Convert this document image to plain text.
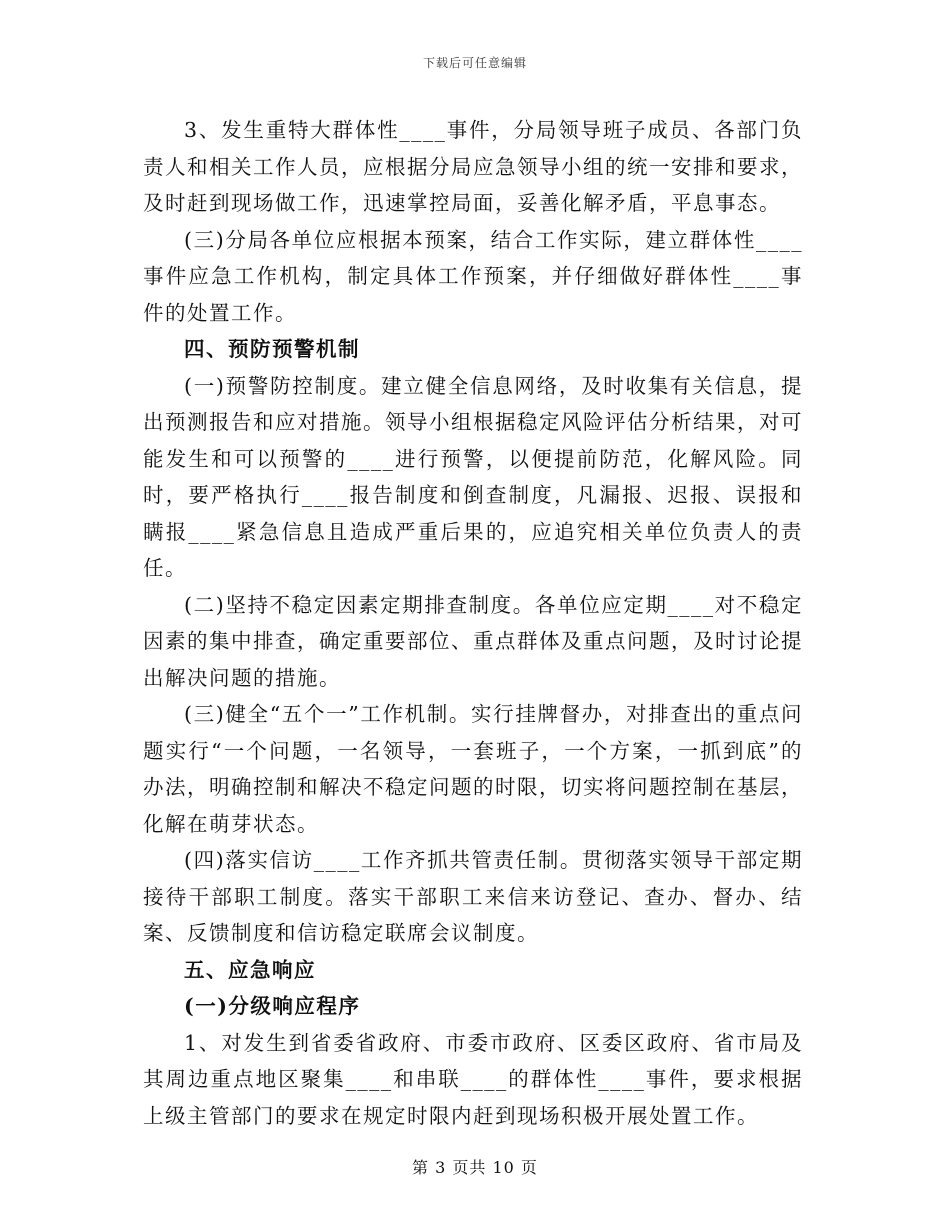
下载后可任意编辑

3、发生重特大群体性____事件，分局领导班子成员、各部门负责人和相关工作人员，应根据分局应急领导小组的统一安排和要求，及时赶到现场做工作，迅速掌控局面，妥善化解矛盾，平息事态。

(三)分局各单位应根据本预案，结合工作实际，建立群体性____事件应急工作机构，制定具体工作预案，并仔细做好群体性____事件的处置工作。

四、预防预警机制

(一)预警防控制度。建立健全信息网络，及时收集有关信息，提出预测报告和应对措施。领导小组根据稳定风险评估分析结果，对可能发生和可以预警的____进行预警，以便提前防范，化解风险。同时，要严格执行____报告制度和倒查制度，凡漏报、迟报、误报和瞒报____紧急信息且造成严重后果的，应追究相关单位负责人的责任。

(二)坚持不稳定因素定期排查制度。各单位应定期____对不稳定因素的集中排查，确定重要部位、重点群体及重点问题，及时讨论提出解决问题的措施。

(三)健全“五个一”工作机制。实行挂牌督办，对排查出的重点问题实行“一个问题，一名领导，一套班子，一个方案，一抓到底”的办法，明确控制和解决不稳定问题的时限，切实将问题控制在基层，化解在萌芽状态。

(四)落实信访____工作齐抓共管责任制。贯彻落实领导干部定期接待干部职工制度。落实干部职工来信来访登记、查办、督办、结案、反馈制度和信访稳定联席会议制度。

五、应急响应

(一)分级响应程序

1、对发生到省委省政府、市委市政府、区委区政府、省市局及其周边重点地区聚集____和串联____的群体性____事件，要求根据上级主管部门的要求在规定时限内赶到现场积极开展处置工作。

第 3 页共 10 页
